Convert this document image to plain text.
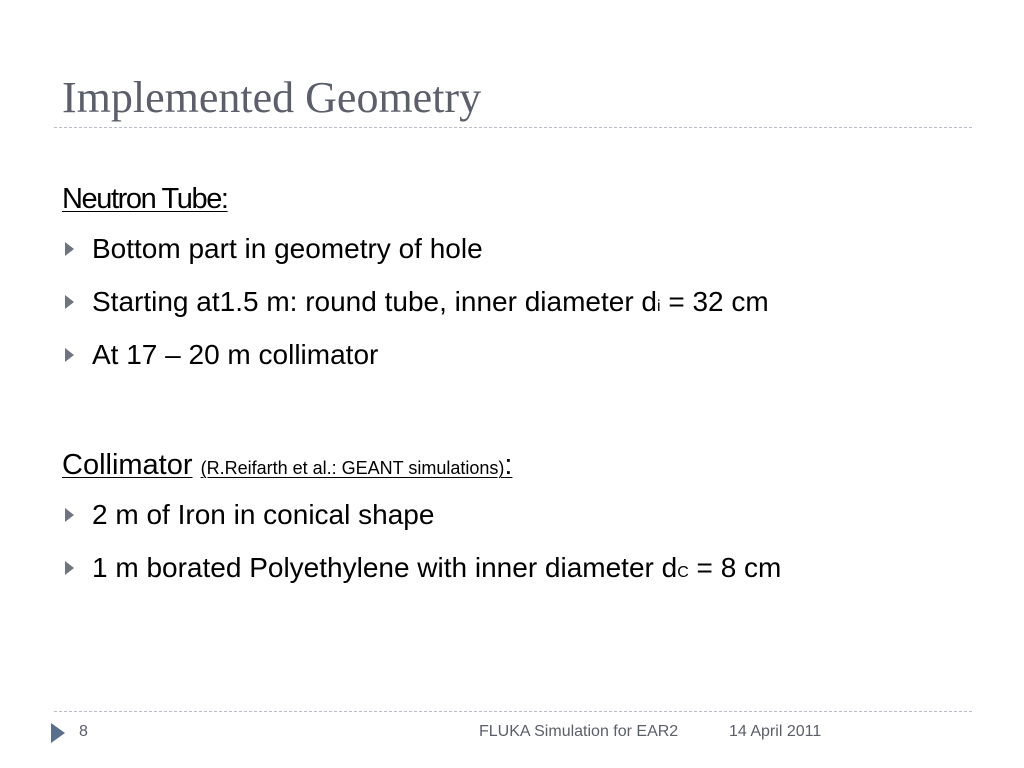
Implemented Geometry
Neutron Tube:
Bottom part in geometry of hole
Starting at1.5 m: round tube, inner diameter di = 32 cm
At 17 – 20 m collimator
Collimator (R.Reifarth et al.: GEANT simulations):
2 m of Iron in conical shape
1 m borated Polyethylene with inner diameter dC = 8 cm
8	FLUKA Simulation for EAR2	14 April 2011
